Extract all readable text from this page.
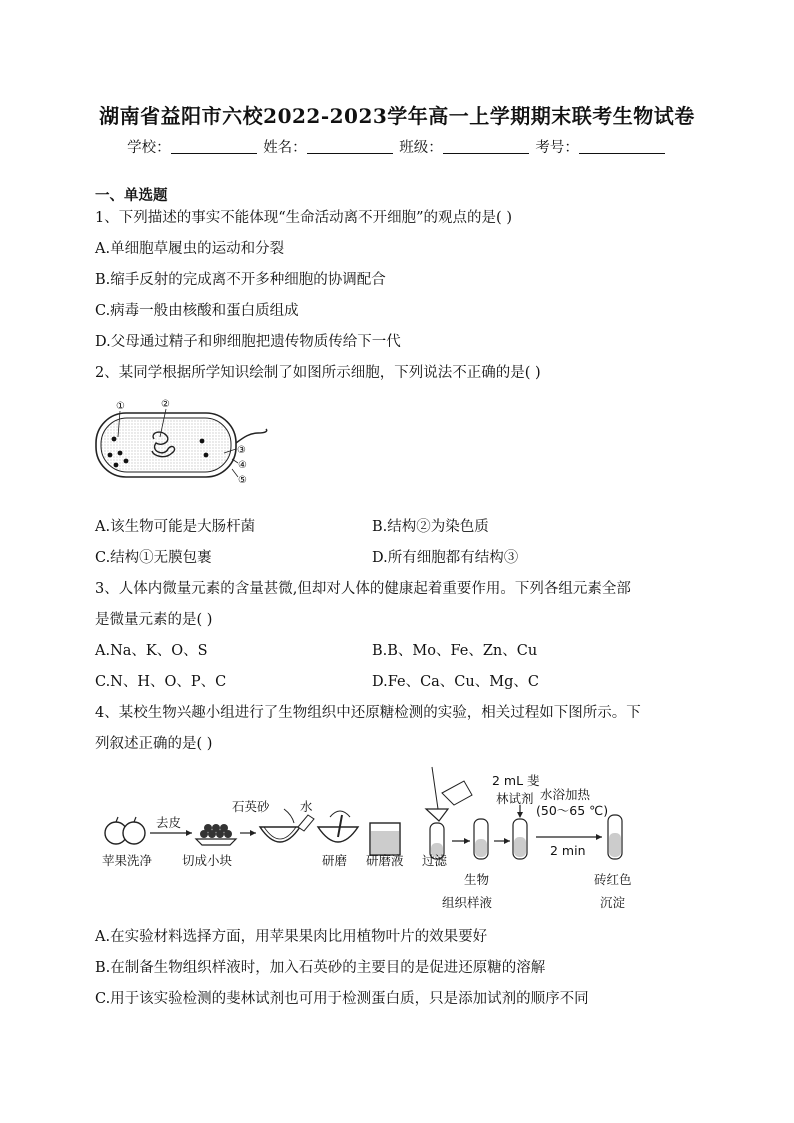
湖南省益阳市六校2022-2023学年高一上学期期末联考生物试卷
学校：	姓名：	班级：	考号：
一、单选题
1、下列描述的事实不能体现“生命活动离不开细胞”的观点的是( )
A.单细胞草履虫的运动和分裂
B.缩手反射的完成离不开多种细胞的协调配合
C.病毒一般由核酸和蛋白质组成
D.父母通过精子和卵细胞把遗传物质传给下一代
2、某同学根据所学知识绘制了如图所示细胞，下列说法不正确的是( )
①	②
③
④
⑤
A.该生物可能是大肠杆菌	B.结构②为染色质
C.结构①无膜包裹	D.所有细胞都有结构③
3、人体内微量元素的含量甚微,但却对人体的健康起着重要作用。下列各组元素全部
是微量元素的是( )
A.Na、K、O、S	B.B、Mo、Fe、Zn、Cu
C.N、H、O、P、C	D.Fe、Ca、Cu、Mg、C
4、某校生物兴趣小组进行了生物组织中还原糖检测的实验，相关过程如下图所示。下
列叙述正确的是( )
苹果洗净
去皮
切成小块
石英砂 水
研磨 研磨液 过滤
生物
组织样液
2 mL 斐
林试剂 水浴加热
(50～65 ℃)
2 min
砖红色
沉淀
A.在实验材料选择方面，用苹果果肉比用植物叶片的效果要好
B.在制备生物组织样液时，加入石英砂的主要目的是促进还原糖的溶解
C.用于该实验检测的斐林试剂也可用于检测蛋白质，只是添加试剂的顺序不同
